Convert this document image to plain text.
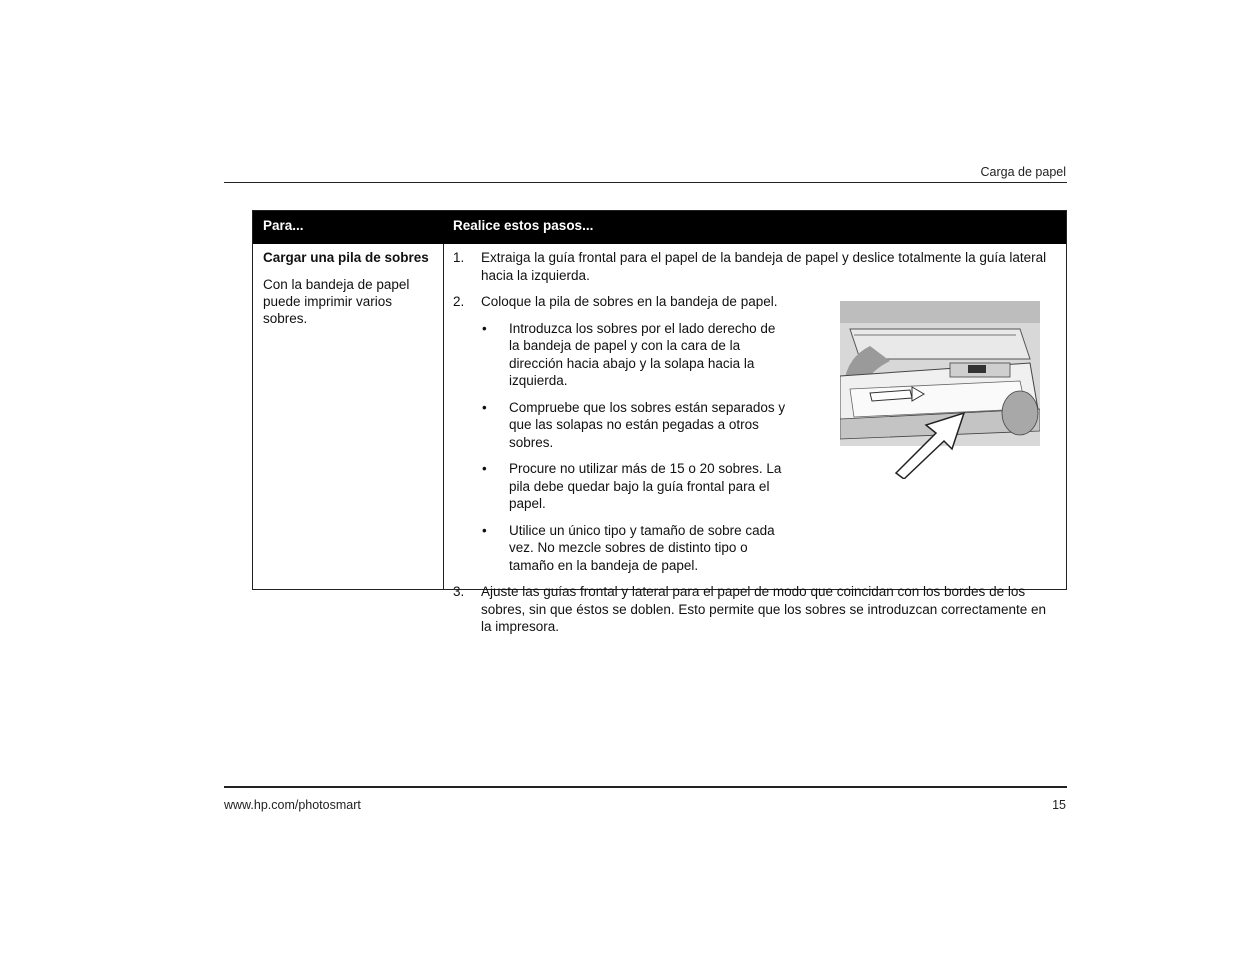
Carga de papel
Para...	Realice estos pasos...

Cargar una pila de sobres

Con la bandeja de papel puede imprimir varios sobres.

1. Extraiga la guía frontal para el papel de la bandeja de papel y deslice totalmente la guía lateral hacia la izquierda.
2. Coloque la pila de sobres en la bandeja de papel.
• Introduzca los sobres por el lado derecho de la bandeja de papel y con la cara de la dirección hacia abajo y la solapa hacia la izquierda.
• Compruebe que los sobres están separados y que las solapas no están pegadas a otros sobres.
• Procure no utilizar más de 15 o 20 sobres. La pila debe quedar bajo la guía frontal para el papel.
• Utilice un único tipo y tamaño de sobre cada vez. No mezcle sobres de distinto tipo o tamaño en la bandeja de papel.
3. Ajuste las guías frontal y lateral para el papel de modo que coincidan con los bordes de los sobres, sin que éstos se doblen. Esto permite que los sobres se introduzcan correctamente en la impresora.
www.hp.com/photosmart	15
